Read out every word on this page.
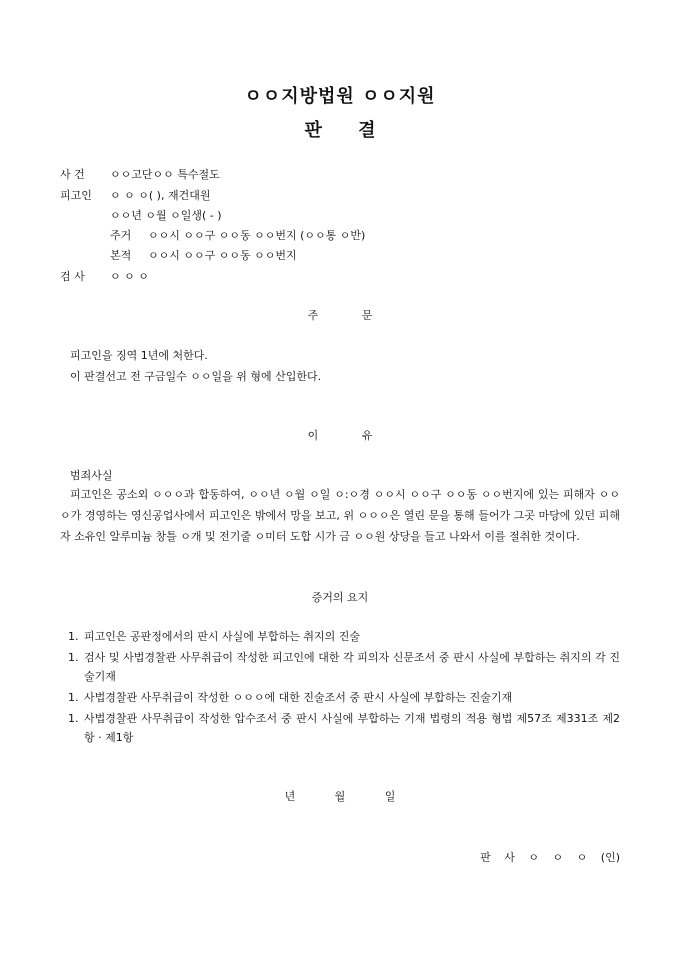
ㅇㅇ지방법원 ㅇㅇ지원
판 결
사 건 ㅇㅇ고단ㅇㅇ 특수절도
피고인 ㅇ ㅇ ㅇ( ), 재건대원
ㅇㅇ년 ㅇ월 ㅇ일생( - )
주거 ㅇㅇ시 ㅇㅇ구 ㅇㅇ동 ㅇㅇ번지 (ㅇㅇ통 ㅇ반)
본적 ㅇㅇ시 ㅇㅇ구 ㅇㅇ동 ㅇㅇ번지
검 사 ㅇ ㅇ ㅇ
주 문
피고인을 징역 1년에 처한다.
이 판결선고 전 구금일수 ㅇㅇ일을 위 형에 산입한다.
이 유
범죄사실
피고인은 공소외 ㅇㅇㅇ과 합동하여, ㅇㅇ년 ㅇ월 ㅇ일 ㅇ:ㅇ경 ㅇㅇ시 ㅇㅇ구 ㅇㅇ동 ㅇㅇ번지에 있는 피해자 ㅇㅇㅇ가 경영하는 영신공업사에서 피고인은 밖에서 망을 보고, 위 ㅇㅇㅇ은 열린 문을 통해 들어가 그곳 마당에 있던 피해자 소유인 알루미늄 창틀 ㅇ개 및 전기줄 ㅇ미터 도합 시가 금 ㅇㅇ원 상당을 들고 나와서 이를 절취한 것이다.
증거의 요지
1. 피고인은 공판정에서의 판시 사실에 부합하는 취지의 진술
1. 검사 및 사법경찰관 사무취급이 작성한 피고인에 대한 각 피의자 신문조서 중 판시 사실에 부합하는 취지의 각 진술기재
1. 사법경찰관 사무취급이 작성한 ㅇㅇㅇ에 대한 진술조서 중 판시 사실에 부합하는 진술기재
1. 사법경찰관 사무취급이 작성한 압수조서 중 판시 사실에 부합하는 기재 법령의 적용 형법 제57조 제331조 제2항 · 제1항
년 월 일
판 사 ㅇ ㅇ ㅇ (인)
